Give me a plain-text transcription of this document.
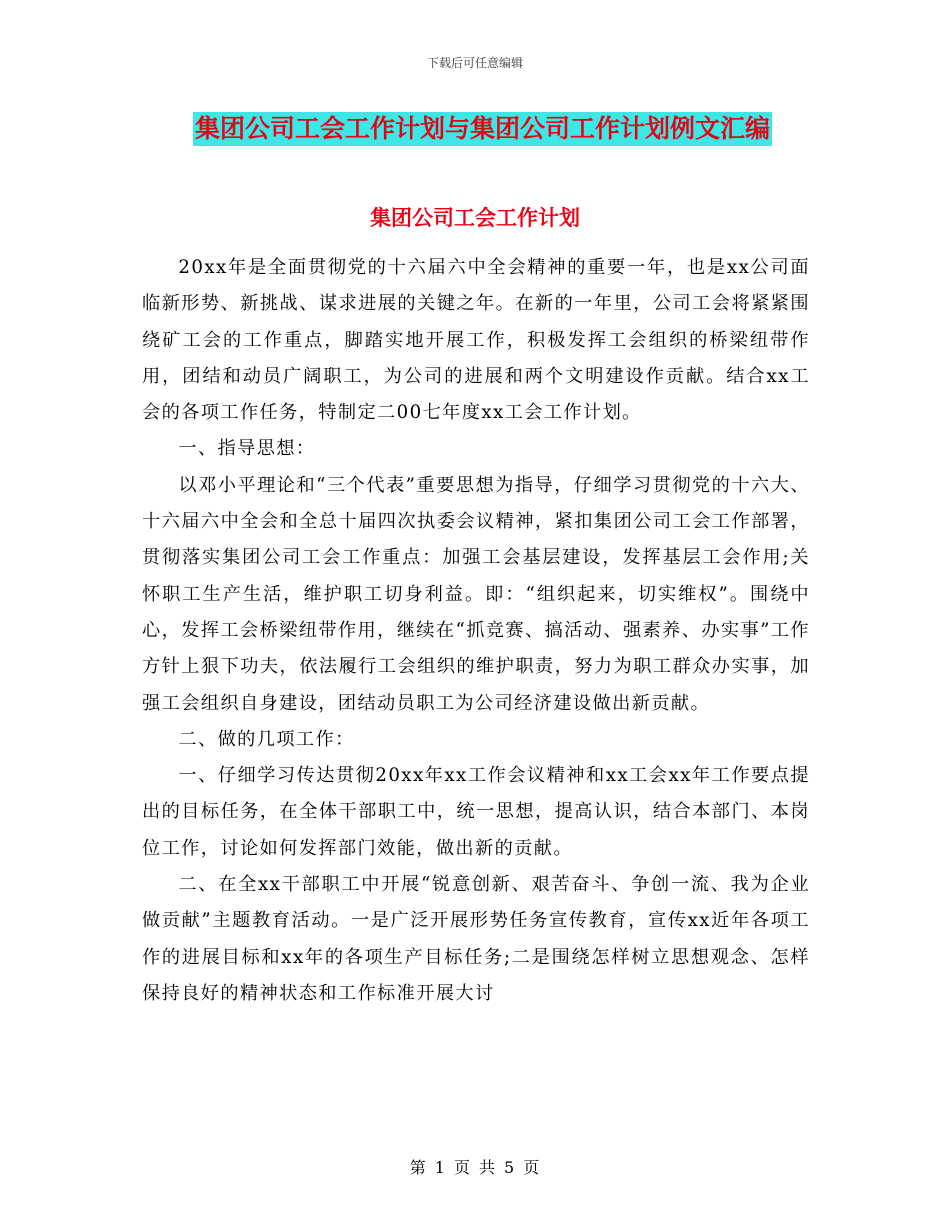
下载后可任意编辑
集团公司工会工作计划与集团公司工作计划例文汇编
集团公司工会工作计划

20xx年是全面贯彻党的十六届六中全会精神的重要一年，也是xx公司面临新形势、新挑战、谋求进展的关键之年。在新的一年里，公司工会将紧紧围绕矿工会的工作重点，脚踏实地开展工作，积极发挥工会组织的桥梁纽带作用，团结和动员广阔职工，为公司的进展和两个文明建设作贡献。结合xx工会的各项工作任务，特制定二00七年度xx工会工作计划。

一、指导思想：

以邓小平理论和“三个代表”重要思想为指导，仔细学习贯彻党的十六大、十六届六中全会和全总十届四次执委会议精神，紧扣集团公司工会工作部署，贯彻落实集团公司工会工作重点：加强工会基层建设，发挥基层工会作用;关怀职工生产生活，维护职工切身利益。即：“组织起来，切实维权”。围绕中心，发挥工会桥梁纽带作用，继续在“抓竞赛、搞活动、强素养、办实事”工作方针上狠下功夫，依法履行工会组织的维护职责，努力为职工群众办实事，加强工会组织自身建设，团结动员职工为公司经济建设做出新贡献。

二、做的几项工作：

一、仔细学习传达贯彻20xx年xx工作会议精神和xx工会xx年工作要点提出的目标任务，在全体干部职工中，统一思想，提高认识，结合本部门、本岗位工作，讨论如何发挥部门效能，做出新的贡献。

二、在全xx干部职工中开展“锐意创新、艰苦奋斗、争创一流、我为企业做贡献”主题教育活动。一是广泛开展形势任务宣传教育，宣传xx近年各项工作的进展目标和xx年的各项生产目标任务;二是围绕怎样树立思想观念、怎样保持良好的精神状态和工作标准开展大讨

第 1 页 共 5 页
